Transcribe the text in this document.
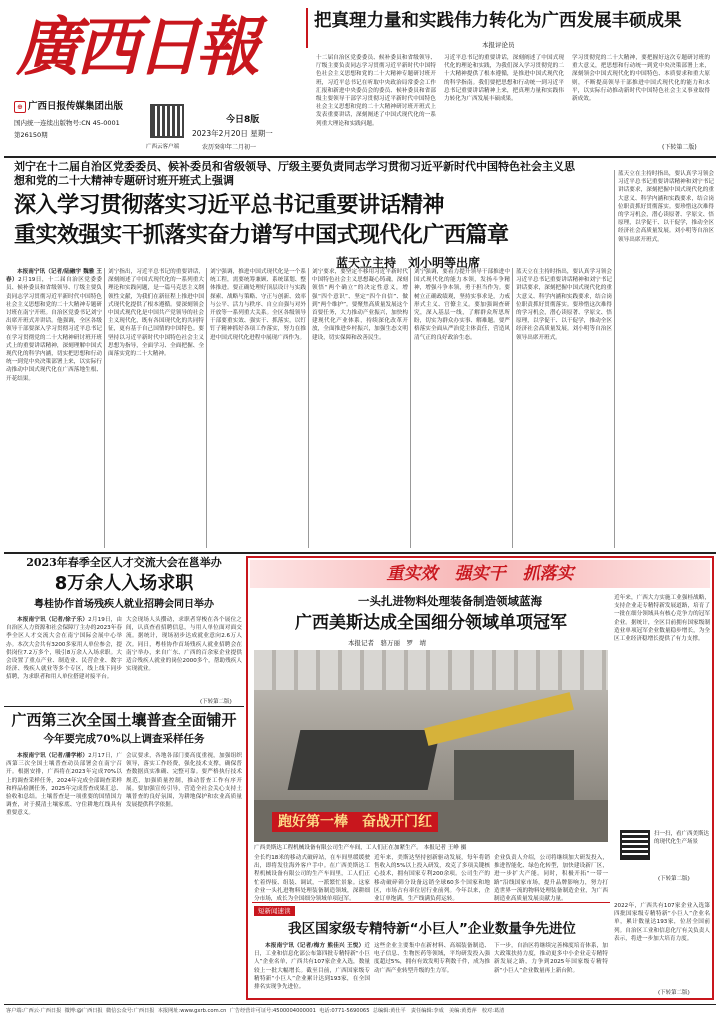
廣西日報
⊕ 广西日报传媒集团出版
国内统一连续出版物号:CN 45-0001
第26150期
广西云客户端
今日8版
2023年2月20日 星期一
农历癸卯年二月初一
把真理力量和实践伟力转化为广西发展丰硕成果
本报评论员
十二届自治区党委委员、候补委员和省级领导、厅级主要负责同志学习贯彻习近平新时代中国特色社会主义思想和党的二十大精神专题研讨班开班，习近平总书记在听取中央政治局常委会工作汇报和新进中央委员会的委员、候补委员和省部级主要领导干部学习贯彻习近平新时代中国特色社会主义思想和党的二十大精神研讨班开班式上发表重要讲话，深刻阐述了中国式现代化的一系列重大理论和实践问题。
习近平总书记的重要讲话，深刻阐述了中国式现代化的理论和实践，为我们深入学习贯彻党的二十大精神提供了根本遵循，是推进中国式现代化的科学指南。我们要把思想和行动统一到习近平总书记重要讲话精神上来，把真理力量和实践伟力转化为广西发展丰硕成果。
学习贯彻党的二十大精神，要把握好这次专题研讨班的重大意义，把思想和行动统一到党中央决策部署上来，深刻领会中国式现代化的中国特色、本质要求和重大原则，不断提高领导干部推进中国式现代化的能力和水平，以实际行动推动新时代中国特色社会主义事业取得新成效。
(下转第二版)
刘宁在十二届自治区党委委员、候补委员和省级领导、厅级主要负责同志学习贯彻习近平新时代中国特色社会主义思想和党的二十大精神专题研讨班开班式上强调
深入学习贯彻落实习近平总书记重要讲话精神
重实效强实干抓落实奋力谱写中国式现代化广西篇章
蓝天立主持　刘小明等出席

本报南宁讯（记者/陆融宇 魏雅 王春）2月19日，十二届自治区党委委员、候补委员和省级领导、厅级主要负责同志学习贯彻习近平新时代中国特色社会主义思想和党的二十大精神专题研讨班在南宁开班。自治区党委书记刘宁出席开班式并讲话。他强调，全区各级领导干部要深入学习贯彻习近平总书记在学习贯彻党的二十大精神研讨班开班式上的重要讲话精神，深刻理解中国式现代化的科学内涵，切实把思想和行动统一到党中央决策部署上来，以实际行动推动中国式现代化在广西落地生根、开花结果。

刘宁指出，习近平总书记的重要讲话，深刻阐述了中国式现代化的一系列重大理论和实践问题，是一篇马克思主义纲领性文献，为我们在新征程上推进中国式现代化提供了根本遵循。要深刻领会中国式现代化是中国共产党领导的社会主义现代化，既有各国现代化的共同特征，更有基于自己国情的中国特色。要坚持以习近平新时代中国特色社会主义思想为指导，全面学习、全面把握、全面落实党的二十大精神。
刘宁强调，推进中国式现代化是一个系统工程，需要统筹兼顾、系统谋划、整体推进。要正确处理好顶层设计与实践探索、战略与策略、守正与创新、效率与公平、活力与秩序、自立自强与对外开放等一系列重大关系。全区各级领导干部要重实效、强实干、抓落实，以钉钉子精神抓好各项工作落实，努力在推进中国式现代化进程中展现广西作为。
刘宁要求，要坚定不移用习近平新时代中国特色社会主义思想凝心铸魂，深刻领悟“两个确立”的决定性意义，增强“四个意识”、坚定“四个自信”、做到“两个维护”。要聚焦高质量发展这个首要任务，大力推动产业振兴，加快构建现代化产业体系，持续深化改革开放，全面推进乡村振兴，加强生态文明建设，切实保障和改善民生。
刘宁强调，要着力提升领导干部推进中国式现代化的能力本领，发扬斗争精神，增强斗争本领，勇于担当作为。要树立正确政绩观，坚持实事求是，力戒形式主义、官僚主义。要加强调查研究，深入基层一线，了解群众所思所盼，切实为群众办实事、解难题。要严格落实全面从严治党主体责任，营造风清气正的良好政治生态。
蓝天立在主持时指出，要认真学习领会习近平总书记重要讲话精神和刘宁书记讲话要求，深刻把握中国式现代化的重大意义、科学内涵和实践要求，结合岗位职责抓好贯彻落实。要珍惜这次难得的学习机会，潜心读原著、学原文、悟原理，以学促干、以干促学，推动全区经济社会高质量发展。刘小明等自治区领导出席开班式。
蓝天立在主持时指出，要认真学习领会习近平总书记重要讲话精神和刘宁书记讲话要求，深刻把握中国式现代化的重大意义、科学内涵和实践要求，结合岗位职责抓好贯彻落实。要珍惜这次难得的学习机会，潜心读原著、学原文、悟原理，以学促干、以干促学，推动全区经济社会高质量发展。刘小明等自治区领导出席开班式。
2023年春季全区人才交流大会在邕举办
8万余人入场求职
粤桂协作首场残疾人就业招聘会同日举办

本报南宁讯（记者/徐子乐）2月19日，由自治区人力资源和社会保障厅主办的2023年春季全区人才交流大会在南宁国际会展中心举办。本次大会共有3200多家用人单位参会，提供岗位7.2万多个，吸引8万余人入场求职。大会设置了重点产业、制造业、民营企业、数字经济、残疾人就业等多个专区，线上线下同步招聘，为求职者和用人单位搭建对接平台。

大会现场人头攒动，求职者穿梭在各个展位之间，认真查看招聘信息，与用人单位面对面交流。据统计，现场初步达成就业意向2.6万人次。同日，粤桂协作首场残疾人就业招聘会在南宁举办，来自广东、广西的百余家企业提供适合残疾人就业的岗位2000多个，帮助残疾人实现就业。
(下转第二版)
广西第三次全国土壤普查全面铺开
今年要完成70%以上调查采样任务

本报南宁讯（记者/潘学彬）2月17日，广西第三次全国土壤普查动员部署会在南宁召开。根据安排，广西将在2023年完成70%以上的调查采样任务，2024年完成全部调查采样和样品检测任务，2025年完成普查成果汇总、验收和总结。土壤普查是一项重要的国情国力调查，对于摸清土壤家底、守住耕地红线具有重要意义。

会议要求，各地各部门要高度重视，加强组织领导，落实工作经费，强化技术支撑，确保普查数据真实准确、完整可靠。要严格执行技术规范，加强质量控制，推动普查工作有序开展。要加强宣传引导，营造全社会关心支持土壤普查的良好氛围，为耕地保护和农业高质量发展提供科学依据。
重实效　强实干　抓落实
一头扎进物料处理装备制造领域蓝海
广西美斯达成全国细分领域单项冠军
本报记者　骆万丽　罗　靖
跑好第一棒　奋战开门红
广西美斯达工程机械设备有限公司生产车间，工人们正在加紧生产。 本报记者 王峥 摄
全长约18米的移动式破碎站，在车间里缓缓驶出，即将发往海外客户手中。在广西美斯达工程机械设备有限公司的生产车间里，工人们正忙着焊接、组装、调试，一派繁忙景象。这家企业一头扎进物料处理装备制造领域，深耕细分市场，成长为全国细分领域单项冠军。
近年来，美斯达坚持创新驱动发展，每年将销售收入的5%以上投入研发，攻克了多项关键核心技术，拥有国家专利200余项。公司生产的移动破碎筛分设备远销全球60多个国家和地区，市场占有率位居行业前列。今年以来，企业订单饱满，生产线满负荷运转。
企业负责人介绍，公司将继续加大研发投入，推进智能化、绿色化转型，加快建设新厂区，进一步扩大产能。同时，积极开拓“一带一路”沿线国家市场，提升品牌影响力，努力打造世界一流的物料处理装备制造企业，为广西制造业高质量发展贡献力量。
近年来，广西大力实施工业强桂战略，支持企业走专精特新发展道路，培育了一批在细分领域具有核心竞争力的冠军企业。据统计，全区目前拥有国家级制造业单项冠军企业数量稳步增长，为全区工业经济稳增长提供了有力支撑。
扫一扫，看广西美斯达的现代化生产场景
(下转第二版)
短新闻速读
我区国家级专精特新“小巨人”企业数量争先进位

本报南宁讯（记者/梅方 熊佳兴 王悦）近日，工业和信息化部公布第四批专精特新“小巨人”企业名单，广西共有107家企业入选，数量较上一批大幅增长。截至目前，广西国家级专精特新“小巨人”企业累计达到193家，在全国排名实现争先进位。

这些企业主要集中在新材料、高端装备制造、电子信息、生物医药等领域，平均研发投入强度超过5%，拥有有效发明专利数千件，成为推动广西产业转型升级的生力军。
下一步，自治区将继续完善梯度培育体系，加大政策扶持力度，推动更多中小企业走专精特新发展之路，力争到2025年国家级专精特新“小巨人”企业数量再上新台阶。
2022年，广西共有107家企业入选第四批国家级专精特新“小巨人”企业名单，累计数量达193家，位居全国前列。自治区工业和信息化厅有关负责人表示，将进一步加大培育力度。
(下转第二版)
客户端:广西云·广西日报 微博:@广西日报 微信公众号:广西日报 本报网址:www.gxrb.com.cn 广告经营许可证号:4500004000001 电话:0771-5690065 总编辑:黄仕平　责任编辑:李成　美编:黄勇萍　校对:葛清
